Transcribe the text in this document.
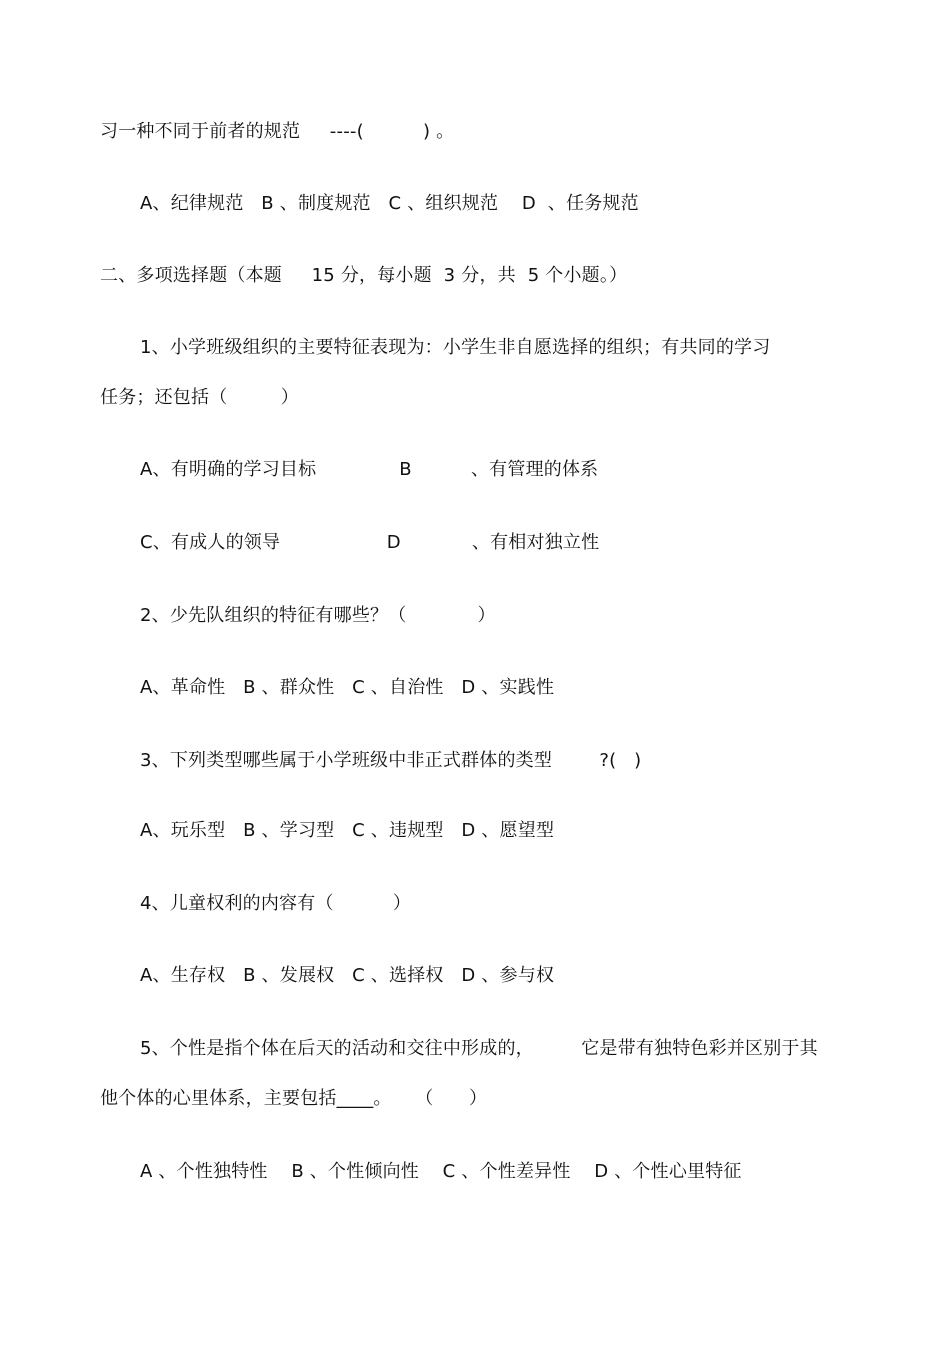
习一种不同于前者的规范     ----(          ) 。
A、纪律规范   B 、制度规范   C 、组织规范    D  、任务规范
二、多项选择题（本题     15 分，每小题  3 分，共  5 个小题。）
1、小学班级组织的主要特征表现为：小学生非自愿选择的组织；有共同的学习
任务；还包括（         ）
A、有明确的学习目标              B          、有管理的体系
C、有成人的领导                  D            、有相对独立性
2、少先队组织的特征有哪些？（            ）
A、革命性   B 、群众性   C 、自治性   D 、实践性
3、下列类型哪些属于小学班级中非正式群体的类型        ?(   )
A、玩乐型   B 、学习型   C 、违规型   D 、愿望型
4、儿童权利的内容有（          ）
A、生存权   B 、发展权   C 、选择权   D 、参与权
5、个性是指个体在后天的活动和交往中形成的，        它是带有独特色彩并区别于其
他个体的心里体系，主要包括____。    （      ）
A 、个性独特性    B 、个性倾向性    C 、个性差异性    D 、个性心里特征
